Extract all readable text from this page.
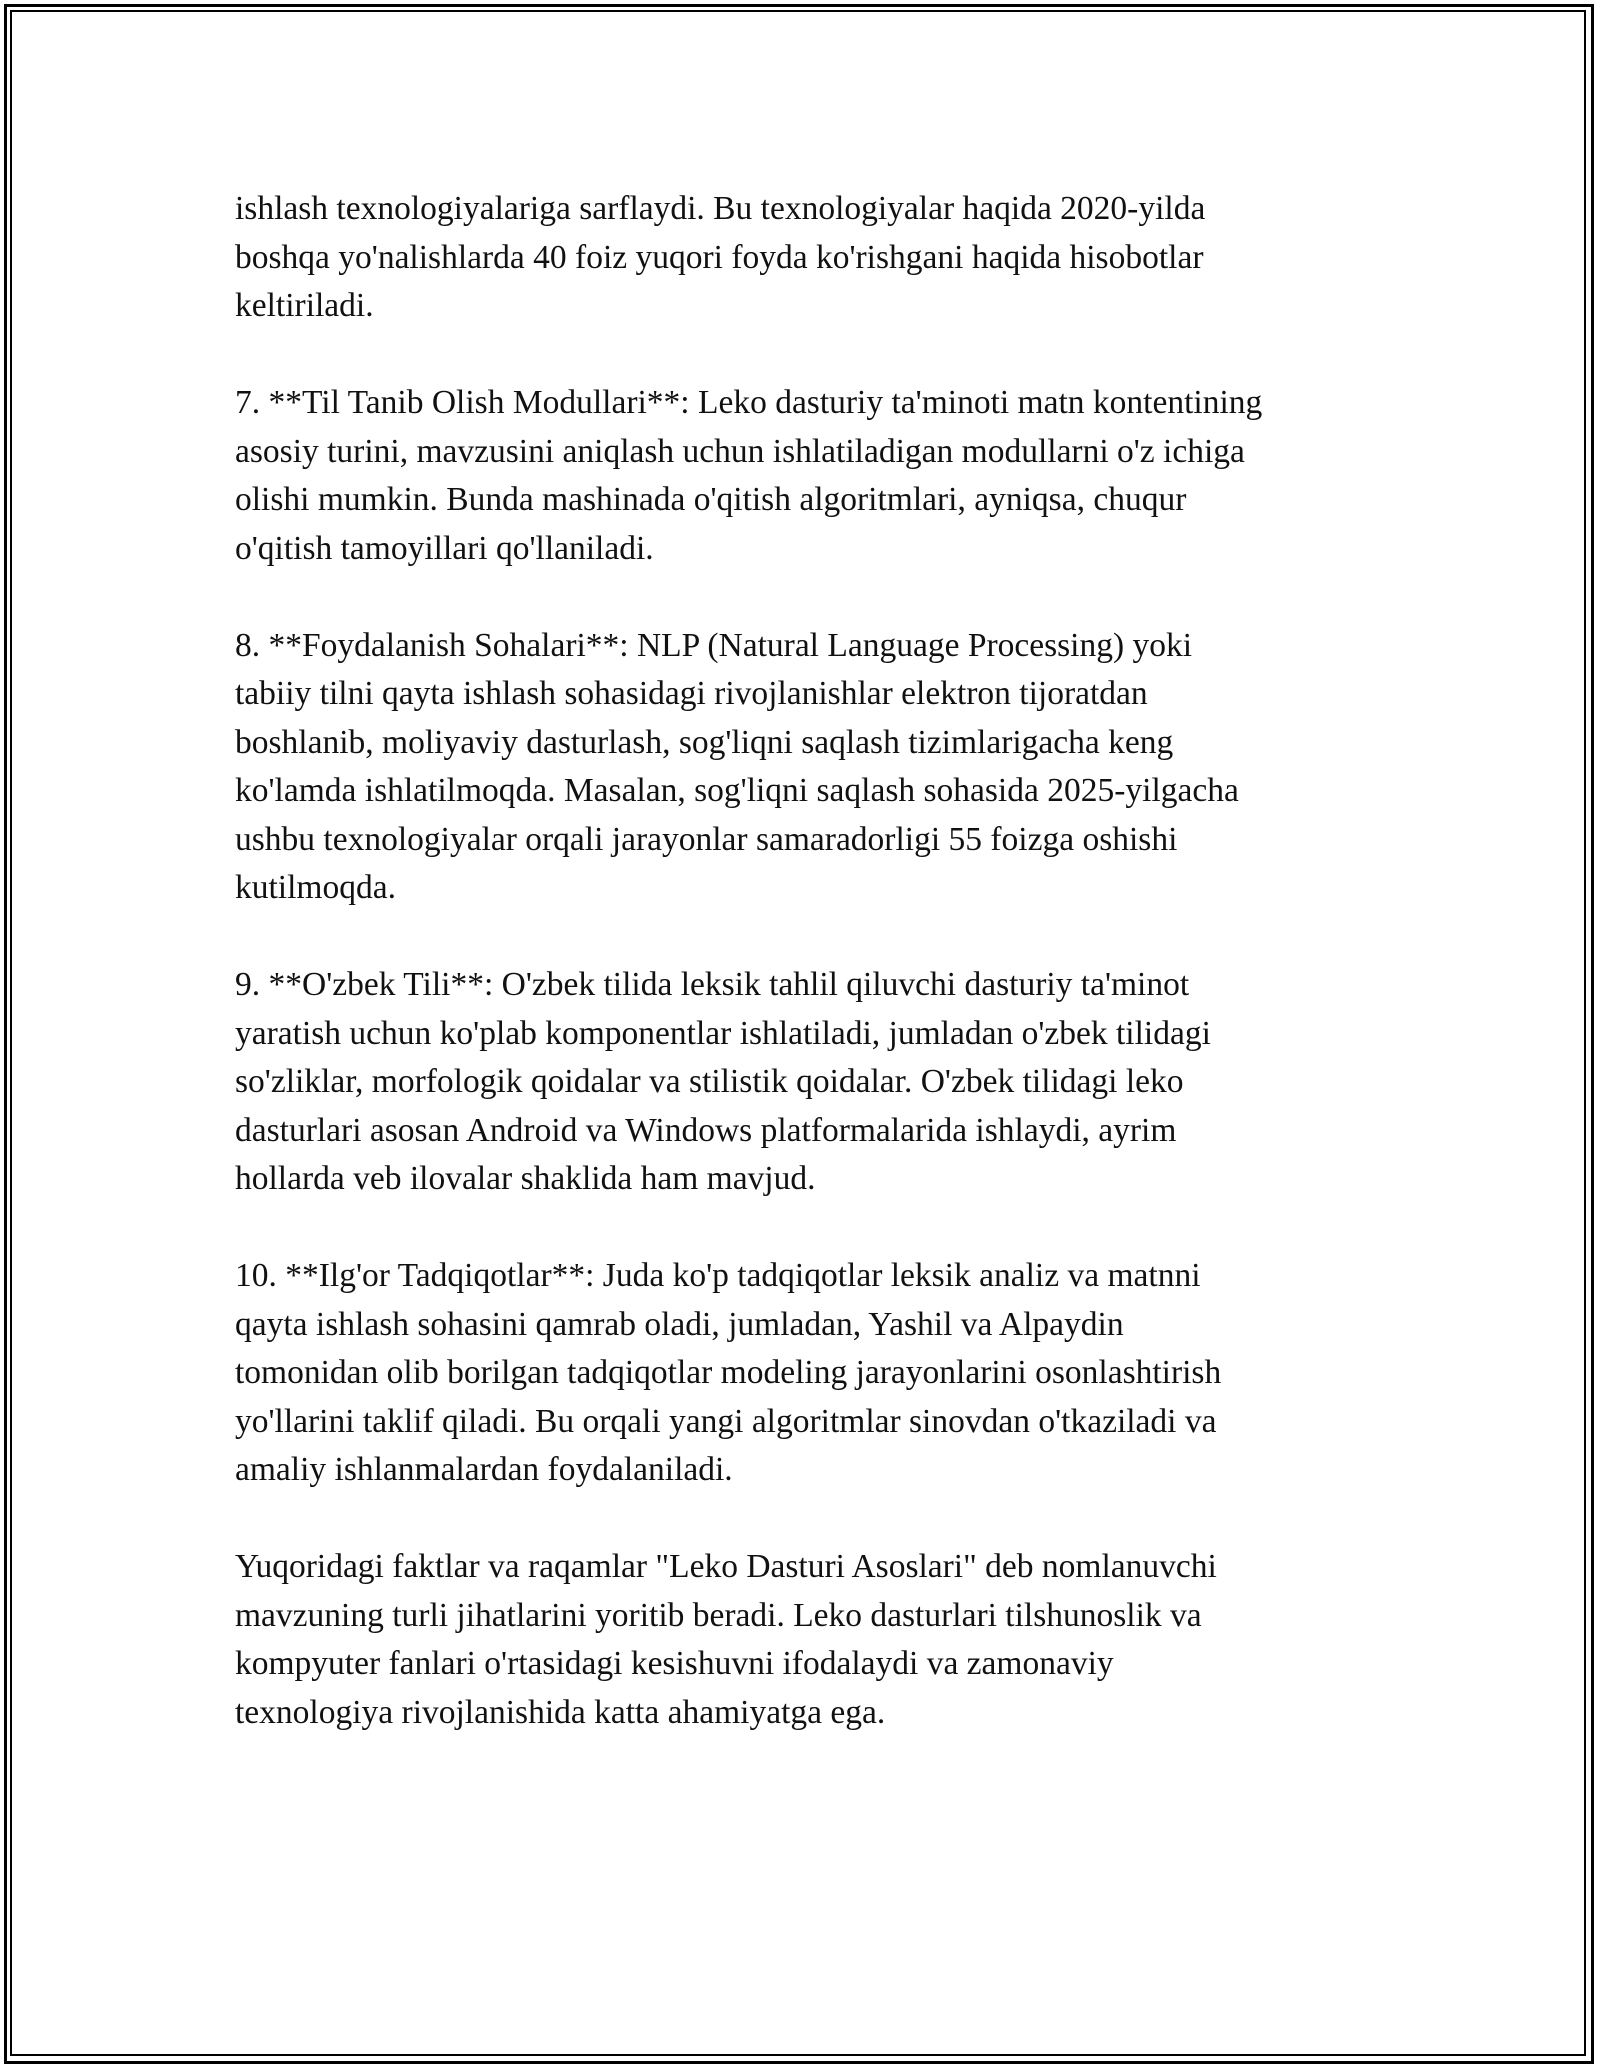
ishlash texnologiyalariga sarflaydi. Bu texnologiyalar haqida 2020-yilda
boshqa yo'nalishlarda 40 foiz yuqori foyda ko'rishgani haqida hisobotlar
keltiriladi.

7. **Til Tanib Olish Modullari**: Leko dasturiy ta'minoti matn kontentining
asosiy turini, mavzusini aniqlash uchun ishlatiladigan modullarni o'z ichiga
olishi mumkin. Bunda mashinada o'qitish algoritmlari, ayniqsa, chuqur
o'qitish tamoyillari qo'llaniladi.

8. **Foydalanish Sohalari**: NLP (Natural Language Processing) yoki
tabiiy tilni qayta ishlash sohasidagi rivojlanishlar elektron tijoratdan
boshlanib, moliyaviy dasturlash, sog'liqni saqlash tizimlarigacha keng
ko'lamda ishlatilmoqda. Masalan, sog'liqni saqlash sohasida 2025-yilgacha
ushbu texnologiyalar orqali jarayonlar samaradorligi 55 foizga oshishi
kutilmoqda.

9. **O'zbek Tili**: O'zbek tilida leksik tahlil qiluvchi dasturiy ta'minot
yaratish uchun ko'plab komponentlar ishlatiladi, jumladan o'zbek tilidagi
so'zliklar, morfologik qoidalar va stilistik qoidalar. O'zbek tilidagi leko
dasturlari asosan Android va Windows platformalarida ishlaydi, ayrim
hollarda veb ilovalar shaklida ham mavjud.

10. **Ilg'or Tadqiqotlar**: Juda ko'p tadqiqotlar leksik analiz va matnni
qayta ishlash sohasini qamrab oladi, jumladan, Yashil va Alpaydin
tomonidan olib borilgan tadqiqotlar modeling jarayonlarini osonlashtirish
yo'llarini taklif qiladi. Bu orqali yangi algoritmlar sinovdan o'tkaziladi va
amaliy ishlanmalardan foydalaniladi.

Yuqoridagi faktlar va raqamlar "Leko Dasturi Asoslari" deb nomlanuvchi
mavzuning turli jihatlarini yoritib beradi. Leko dasturlari tilshunoslik va
kompyuter fanlari o'rtasidagi kesishuvni ifodalaydi va zamonaviy
texnologiya rivojlanishida katta ahamiyatga ega.
